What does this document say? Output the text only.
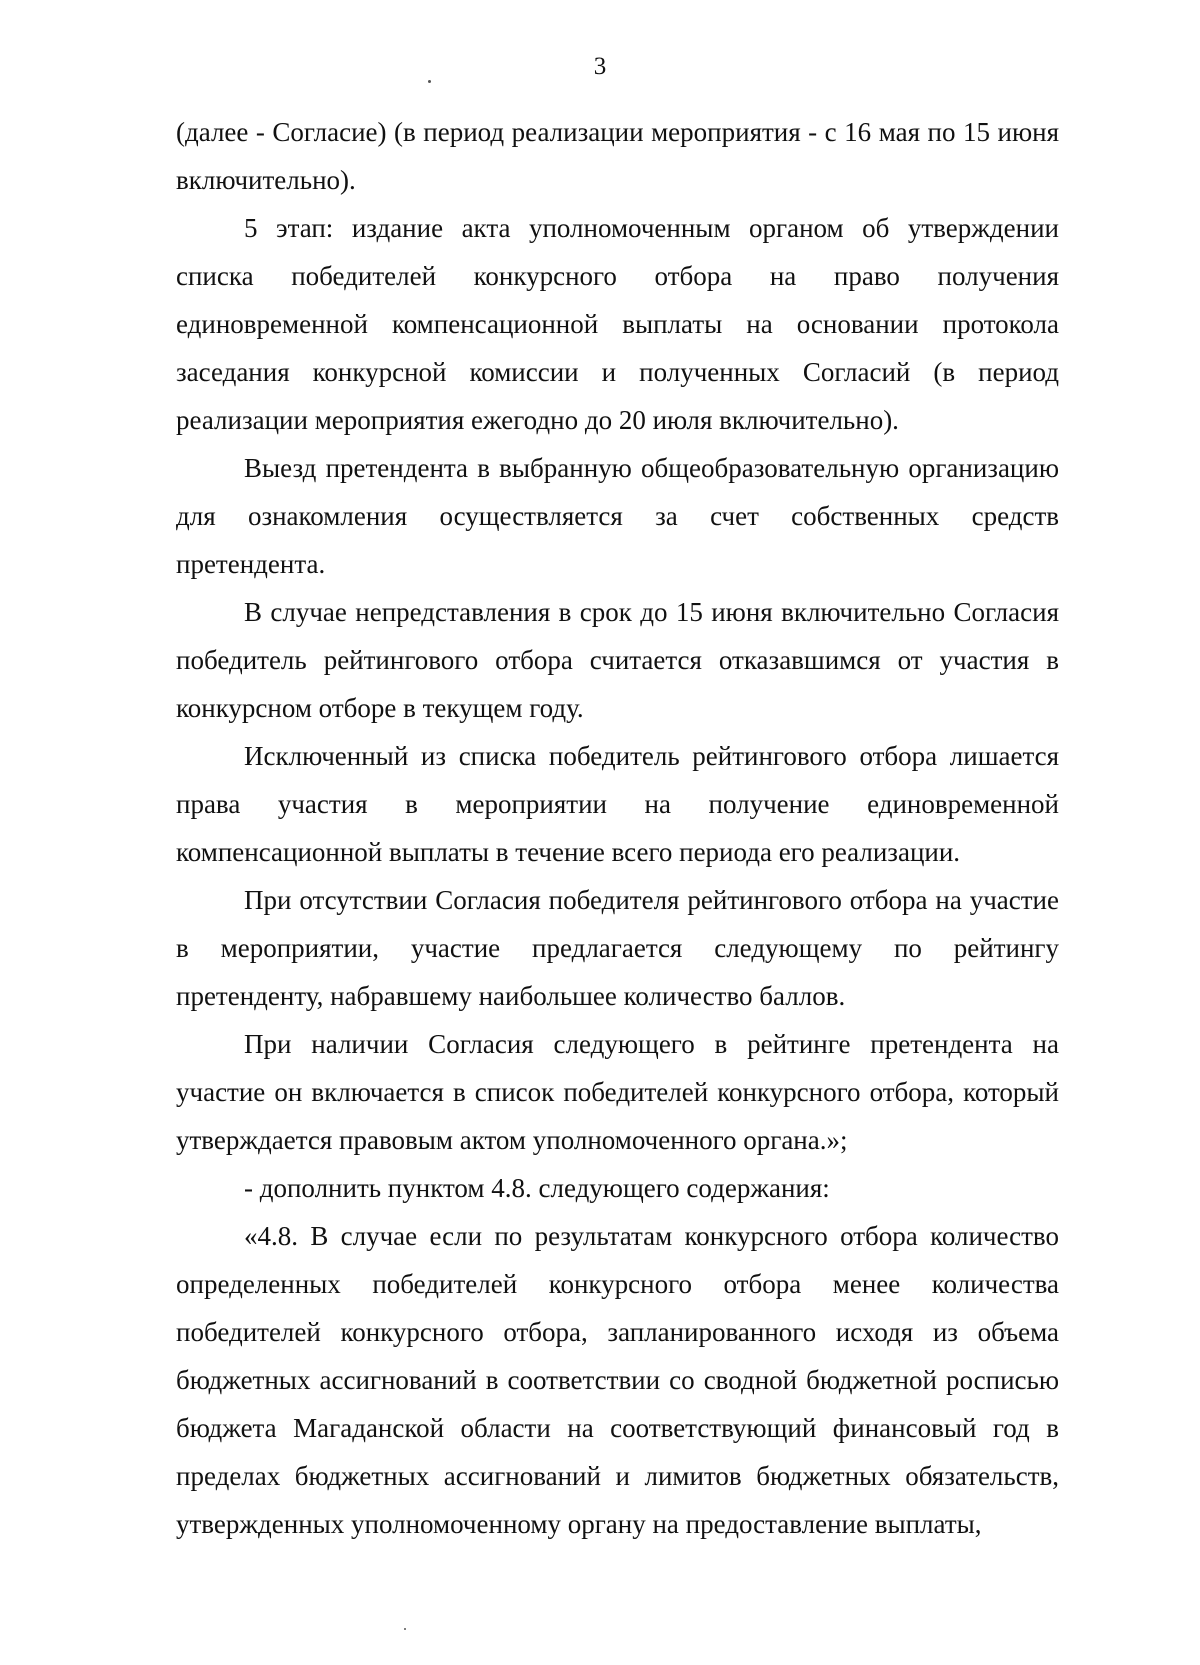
3

(далее - Согласие) (в период реализации мероприятия - с 16 мая по 15 июня включительно).

5 этап: издание акта уполномоченным органом об утверждении списка победителей конкурсного отбора на право получения единовременной компенсационной выплаты на основании протокола заседания конкурсной комиссии и полученных Согласий (в период реализации мероприятия ежегодно до 20 июля включительно).

Выезд претендента в выбранную общеобразовательную организацию для ознакомления осуществляется за счет собственных средств претендента.

В случае непредставления в срок до 15 июня включительно Согласия победитель рейтингового отбора считается отказавшимся от участия в конкурсном отборе в текущем году.

Исключенный из списка победитель рейтингового отбора лишается права участия в мероприятии на получение единовременной компенсационной выплаты в течение всего периода его реализации.

При отсутствии Согласия победителя рейтингового отбора на участие в мероприятии, участие предлагается следующему по рейтингу претенденту, набравшему наибольшее количество баллов.

При наличии Согласия следующего в рейтинге претендента на участие он включается в список победителей конкурсного отбора, который утверждается правовым актом уполномоченного органа.»;

- дополнить пунктом 4.8. следующего содержания:

«4.8. В случае если по результатам конкурсного отбора количество определенных победителей конкурсного отбора менее количества победителей конкурсного отбора, запланированного исходя из объема бюджетных ассигнований в соответствии со сводной бюджетной росписью бюджета Магаданской области на соответствующий финансовый год в пределах бюджетных ассигнований и лимитов бюджетных обязательств, утвержденных уполномоченному органу на предоставление выплаты,
